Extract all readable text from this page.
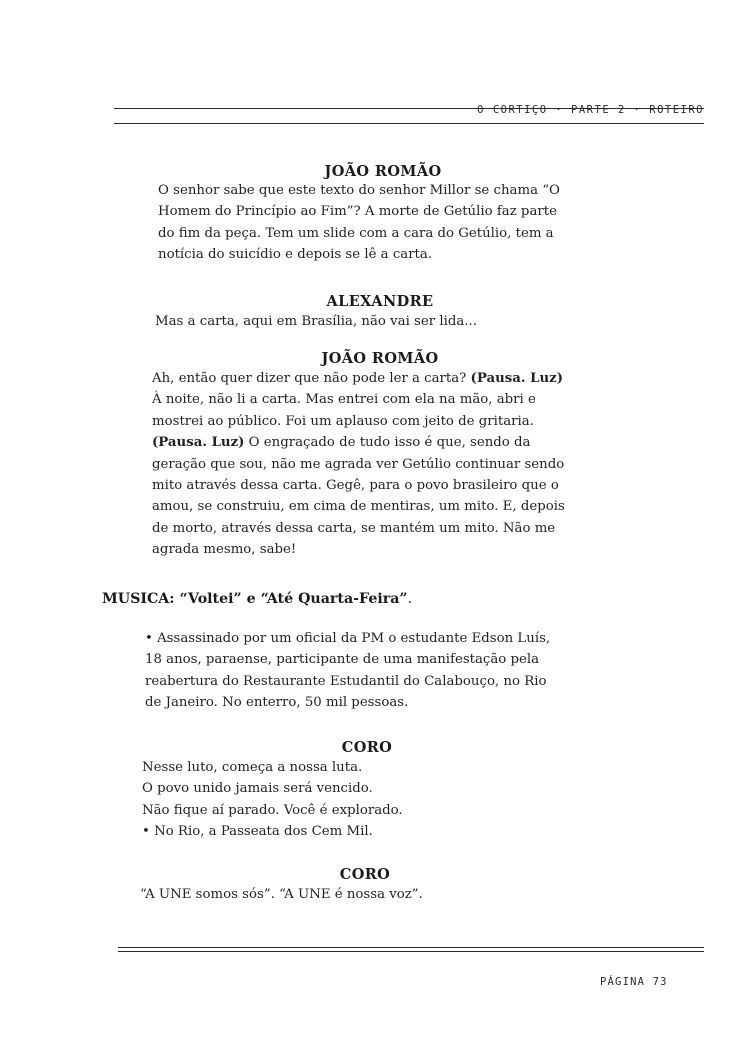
O CORTIÇO · PARTE 2 · ROTEIRO
JOÃO ROMÃO

O senhor sabe que este texto do senhor Millor se chama “O
Homem do Princípio ao Fim”? A morte de Getúlio faz parte
do fim da peça. Tem um slide com a cara do Getúlio, tem a
notícia do suicídio e depois se lê a carta.

ALEXANDRE

Mas a carta, aqui em Brasília, não vai ser lida...

JOÃO ROMÃO

Ah, então quer dizer que não pode ler a carta? (Pausa. Luz)
À noite, não li a carta. Mas entrei com ela na mão, abri e
mostrei ao público. Foi um aplauso com jeito de gritaria.
(Pausa. Luz) O engraçado de tudo isso é que, sendo da
geração que sou, não me agrada ver Getúlio continuar sendo
mito através dessa carta. Gegê, para o povo brasileiro que o
amou, se construiu, em cima de mentiras, um mito. E, depois
de morto, através dessa carta, se mantém um mito. Não me
agrada mesmo, sabe!

MUSICA: “Voltei” e “Até Quarta-Feira”.

• Assassinado por um oficial da PM o estudante Edson Luís,
18 anos, paraense, participante de uma manifestação pela
reabertura do Restaurante Estudantil do Calabouço, no Rio
de Janeiro. No enterro, 50 mil pessoas.

CORO

Nesse luto, começa a nossa luta.
O povo unido jamais será vencido.
Não fique aí parado. Você é explorado.
• No Rio, a Passeata dos Cem Mil.

CORO

“A UNE somos sós”. “A UNE é nossa voz”.

PÁGINA 73
